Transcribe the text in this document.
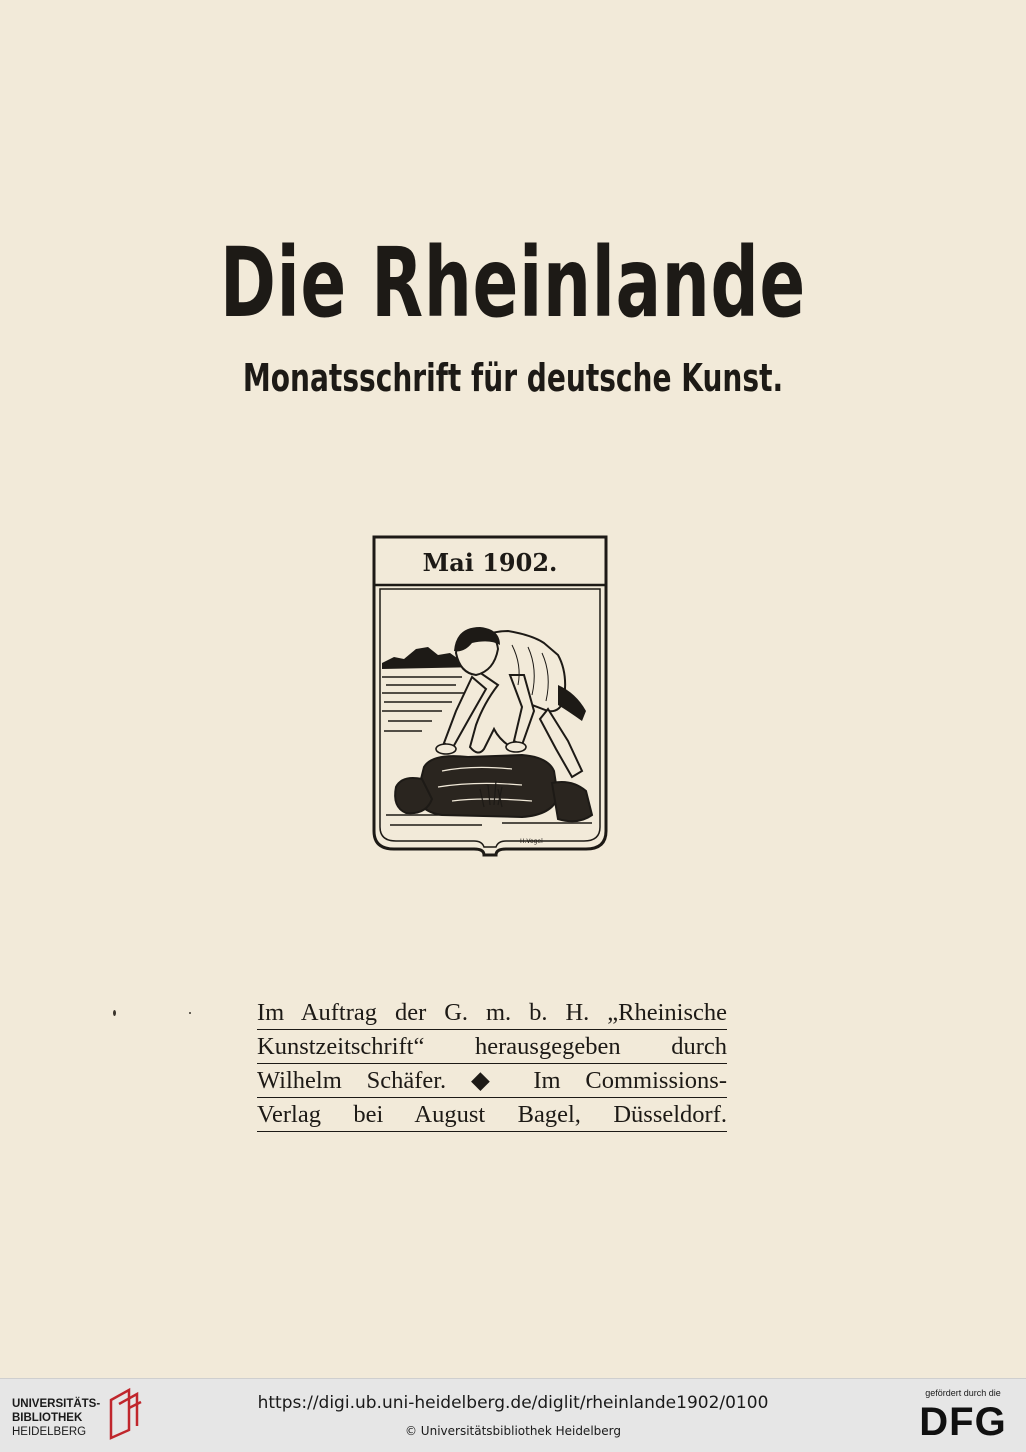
Die Rheinlande
Monatsschrift für deutsche Kunst.
Mai 1902.
H.Vogel
Im Auftrag der G. m. b. H. „Rheinische
Kunstzeitschrift“ herausgegeben durch
Wilhelm Schäfer. ◆ Im Commissions-
Verlag bei August Bagel, Düsseldorf.
UNIVERSITÄTS-
BIBLIOTHEK
HEIDELBERG
https://digi.ub.uni-heidelberg.de/diglit/rheinlande1902/0100
© Universitätsbibliothek Heidelberg
gefördert durch die
DFG
